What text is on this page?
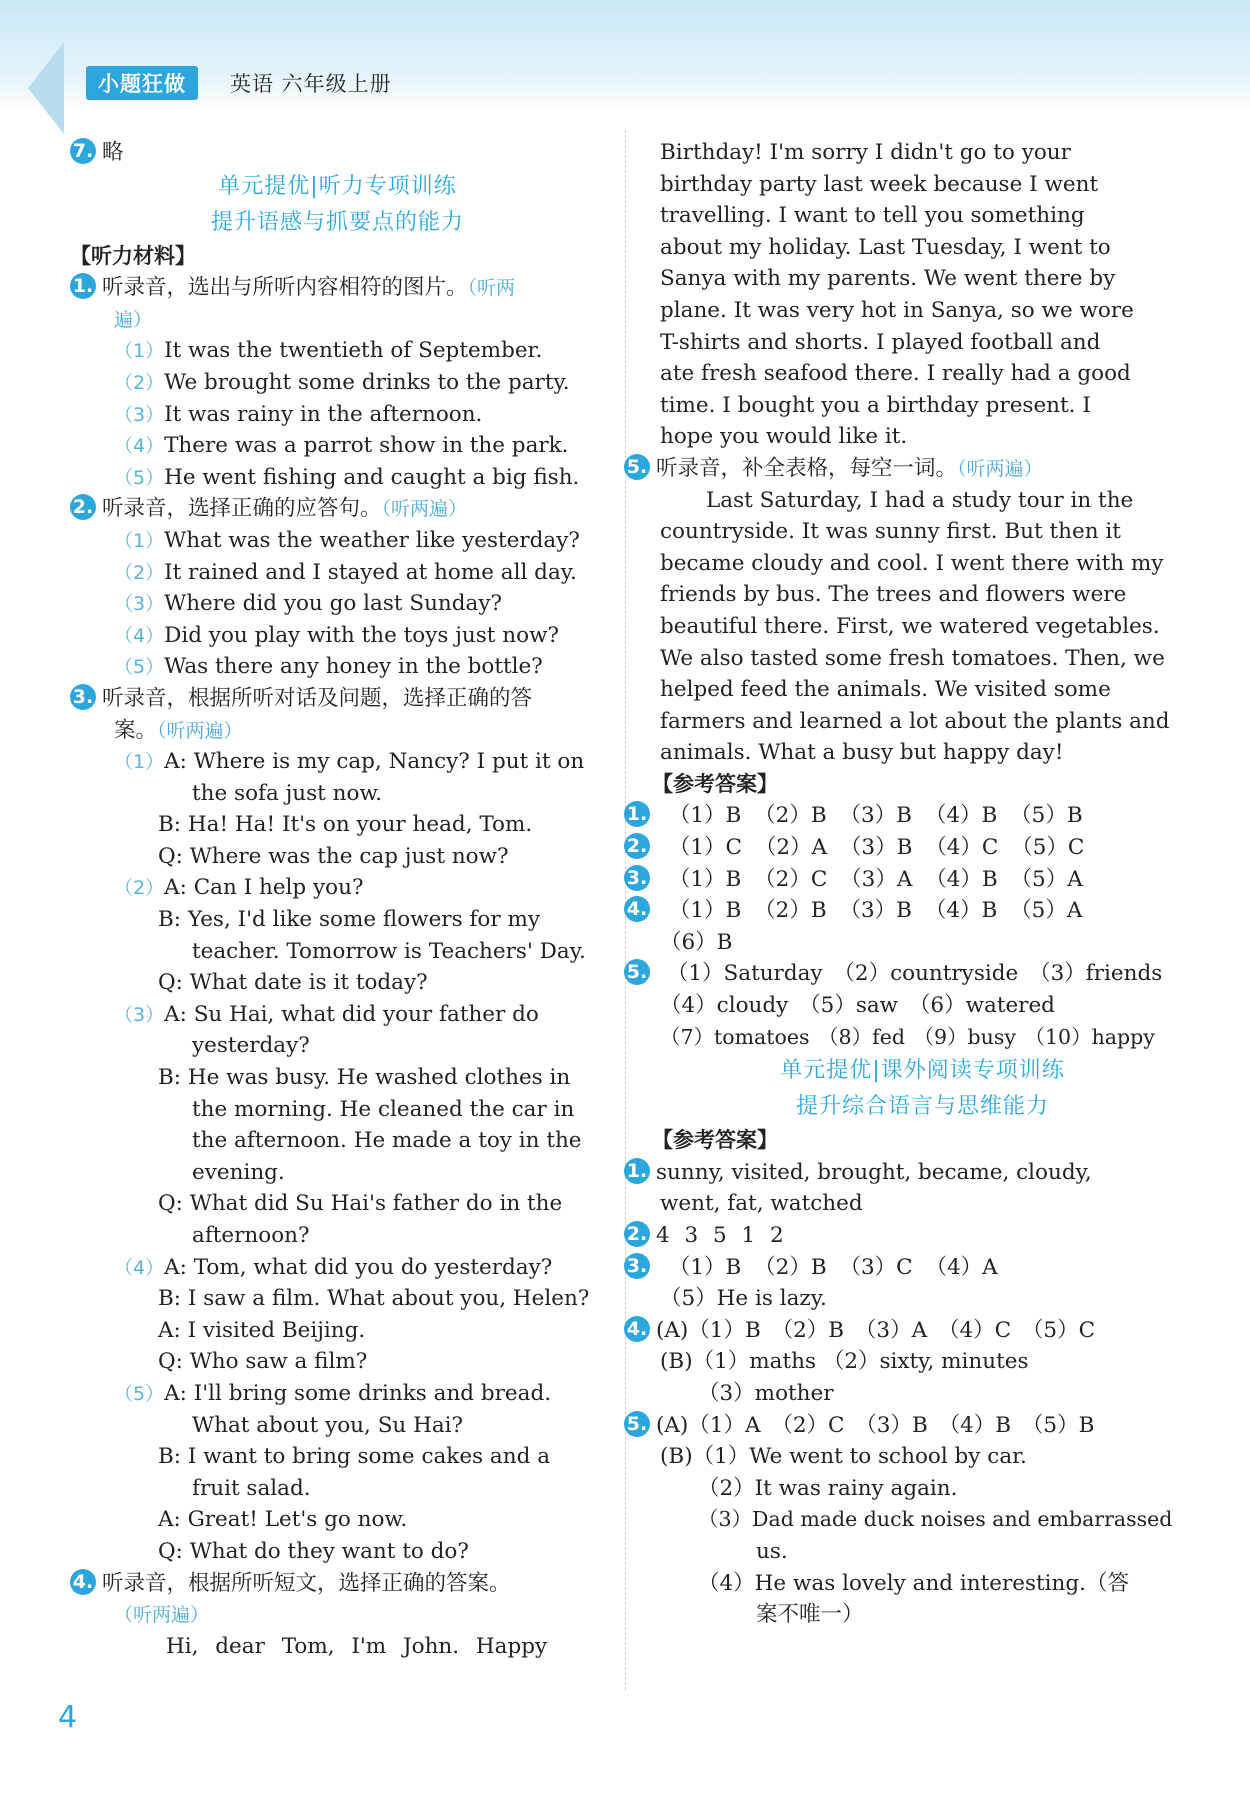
小题狂做	英语 六年级上册
7. 略
单元提优|听力专项训练
提升语感与抓要点的能力
【听力材料】
1. 听录音，选出与所听内容相符的图片。（听两
遍）
（1）It was the twentieth of September.
（2）We brought some drinks to the party.
（3）It was rainy in the afternoon.
（4）There was a parrot show in the park.
（5）He went fishing and caught a big fish.
2. 听录音，选择正确的应答句。（听两遍）
（1）What was the weather like yesterday?
（2）It rained and I stayed at home all day.
（3）Where did you go last Sunday?
（4）Did you play with the toys just now?
（5）Was there any honey in the bottle?
3. 听录音，根据所听对话及问题，选择正确的答
案。（听两遍）
（1）A: Where is my cap, Nancy? I put it on
the sofa just now.
B: Ha! Ha! It's on your head, Tom.
Q: Where was the cap just now?
（2）A: Can I help you?
B: Yes, I'd like some flowers for my
teacher. Tomorrow is Teachers' Day.
Q: What date is it today?
（3）A: Su Hai, what did your father do
yesterday?
B: He was busy. He washed clothes in
the morning. He cleaned the car in
the afternoon. He made a toy in the
evening.
Q: What did Su Hai's father do in the
afternoon?
（4）A: Tom, what did you do yesterday?
B: I saw a film. What about you, Helen?
A: I visited Beijing.
Q: Who saw a film?
（5）A: I'll bring some drinks and bread.
What about you, Su Hai?
B: I want to bring some cakes and a
fruit salad.
A: Great! Let's go now.
Q: What do they want to do?
4. 听录音，根据所听短文，选择正确的答案。
（听两遍）
Hi, dear Tom, I'm John. Happy
Birthday! I'm sorry I didn't go to your
birthday party last week because I went
travelling. I want to tell you something
about my holiday. Last Tuesday, I went to
Sanya with my parents. We went there by
plane. It was very hot in Sanya, so we wore
T-shirts and shorts. I played football and
ate fresh seafood there. I really had a good
time. I bought you a birthday present. I
hope you would like it.
5. 听录音，补全表格，每空一词。（听两遍）
Last Saturday, I had a study tour in the
countryside. It was sunny first. But then it
became cloudy and cool. I went there with my
friends by bus. The trees and flowers were
beautiful there. First, we watered vegetables.
We also tasted some fresh tomatoes. Then, we
helped feed the animals. We visited some
farmers and learned a lot about the plants and
animals. What a busy but happy day!
【参考答案】
1. （1）B （2）B （3）B （4）B （5）B
2. （1）C （2）A （3）B （4）C （5）C
3. （1）B （2）C （3）A （4）B （5）A
4. （1）B （2）B （3）B （4）B （5）A
（6）B
5. （1）Saturday （2）countryside （3）friends
（4）cloudy （5）saw （6）watered
（7）tomatoes （8）fed （9）busy （10）happy
单元提优|课外阅读专项训练
提升综合语言与思维能力
【参考答案】
1. sunny, visited, brought, became, cloudy,
went, fat, watched
2. 4 3 5 1 2
3. （1）B （2）B （3）C （4）A
（5）He is lazy.
4. (A)（1）B （2）B （3）A （4）C （5）C
(B)（1）maths （2）sixty, minutes
（3）mother
5. (A)（1）A （2）C （3）B （4）B （5）B
(B)（1）We went to school by car.
（2）It was rainy again.
（3）Dad made duck noises and embarrassed
us.
（4）He was lovely and interesting.（答
案不唯一）
4
